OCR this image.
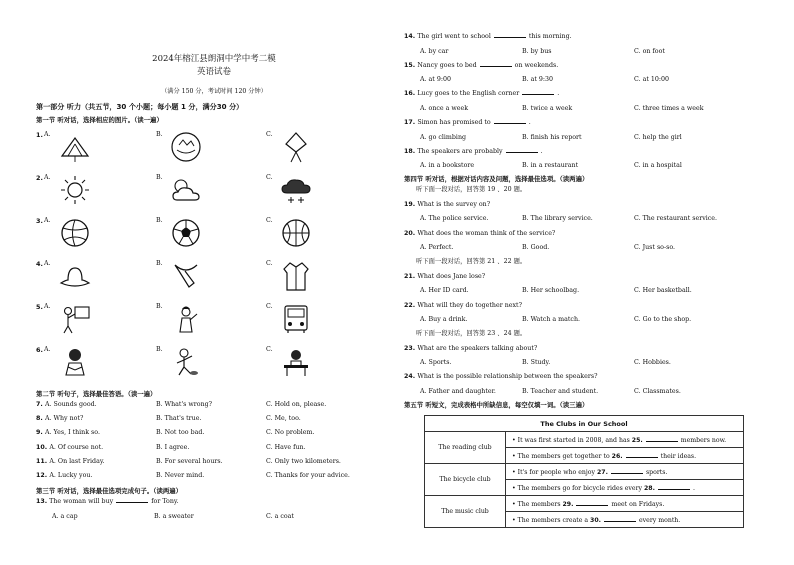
2024年榕江县朗洞中学中考二模
英语试卷
（满分 150 分，考试时间 120 分钟）
第一部分 听力（共五节，30 个小题；每小题 1 分，满分30 分）
第一节 听对话，选择相应的图片。（读一遍）
1. A.	B.	C.
2. A.	B.	C.
3. A.	B.	C.
4. A.	B.	C.
5. A.	B.	C.
6. A.	B.	C.
第二节 听句子，选择最佳答语。（读一遍）
7. A. Sounds good.	B. What's wrong?	C. Hold on, please.
8. A. Why not?	B. That's true.	C. Me, too.
9. A. Yes, I think so.	B. Not too bad.	C. No problem.
10. A. Of course not.	B. I agree.	C. Have fun.
11. A. On last Friday.	B. For several hours.	C. Only two kilometers.
12. A. Lucky you.	B. Never mind.	C. Thanks for your advice.
第三节 听对话，选择最佳选项完成句子。（读两遍）
13. The woman will buy	for Tony.
A. a cap	B. a sweater	C. a coat
14. The girl went to school	this morning.
A. by car	B. by bus	C. on foot
15. Nancy goes to bed	on weekends.
A. at 9:00	B. at 9:30	C. at 10:00
16. Lucy goes to the English corner	.
A. once a week	B. twice a week	C. three times a week
17. Simon has promised to	.
A. go climbing	B. finish his report	C. help the girl
18. The speakers are probably	.
A. in a bookstore	B. in a restaurant	C. in a hospital
第四节 听对话，根据对话内容及问题，选择最佳选项。（读两遍）
听下面一段对话，回答第 19 、20 题。
19. What is the survey on?
A. The police service.	B. The library service.	C. The restaurant service.
20. What does the woman think of the service?
A. Perfect.	B. Good.	C. Just so-so.
听下面一段对话，回答第 21 、22 题。
21. What does Jane lose?
A. Her ID card.	B. Her schoolbag.	C. Her basketball.
22. What will they do together next?
A. Buy a drink.	B. Watch a match.	C. Go to the shop.
听下面一段对话，回答第 23 、24 题。
23. What are the speakers talking about?
A. Sports.	B. Study.	C. Hobbies.
24. What is the possible relationship between the speakers?
A. Father and daughter.	B. Teacher and student.	C. Classmates.
第五节 听短文，完成表格中所缺信息，每空仅填一词。（读三遍）
The Clubs in Our School	
The reading club	• It was first started in 2008, and has 25. members now.
	• The members get together to 26. their ideas.
The bicycle club	• It's for people who enjoy 27. sports.
	• The members go for bicycle rides every 28. .
The music club	• The members 29. meet on Fridays.
	• The members create a 30. every month.
